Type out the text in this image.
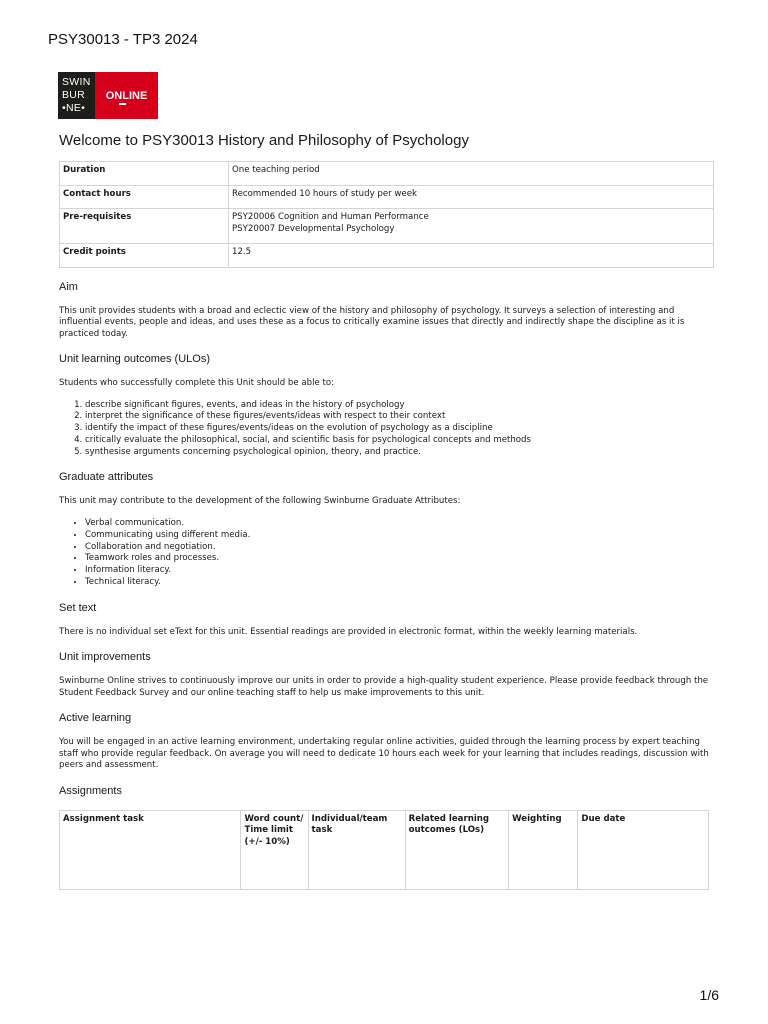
PSY30013 - TP3 2024
SWIN
BUR
•NE•
ONLINE
Welcome to PSY30013 History and Philosophy of Psychology
Duration	One teaching period

Contact hours	Recommended 10 hours of study per week

Pre-requisites	PSY20006 Cognition and Human Performance
PSY20007 Developmental Psychology

Credit points	12.5
Aim

This unit provides students with a broad and eclectic view of the history and philosophy of psychology. It surveys a selection of interesting and influential events, people and ideas, and uses these as a focus to critically examine issues that directly and indirectly shape the discipline as it is practiced today.

Unit learning outcomes (ULOs)

Students who successfully complete this Unit should be able to:

1. describe significant figures, events, and ideas in the history of psychology
2. interpret the significance of these figures/events/ideas with respect to their context
3. identify the impact of these figures/events/ideas on the evolution of psychology as a discipline
4. critically evaluate the philosophical, social, and scientific basis for psychological concepts and methods
5. synthesise arguments concerning psychological opinion, theory, and practice.
Graduate attributes

This unit may contribute to the development of the following Swinburne Graduate Attributes:

• Verbal communication.
• Communicating using different media.
• Collaboration and negotiation.
• Teamwork roles and processes.
• Information literacy.
• Technical literacy.
Set text

There is no individual set eText for this unit. Essential readings are provided in electronic format, within the weekly learning materials.

Unit improvements

Swinburne Online strives to continuously improve our units in order to provide a high-quality student experience. Please provide feedback through the Student Feedback Survey and our online teaching staff to help us make improvements to this unit.

Active learning

You will be engaged in an active learning environment, undertaking regular online activities, guided through the learning process by expert teaching staff who provide regular feedback. On average you will need to dedicate 10 hours each week for your learning that includes readings, discussion with peers and assessment.

Assignments
Assignment task	Word count/ Time limit (+/- 10%)	Individual/team task	Related learning outcomes (LOs)	Weighting	Due date
1/6
